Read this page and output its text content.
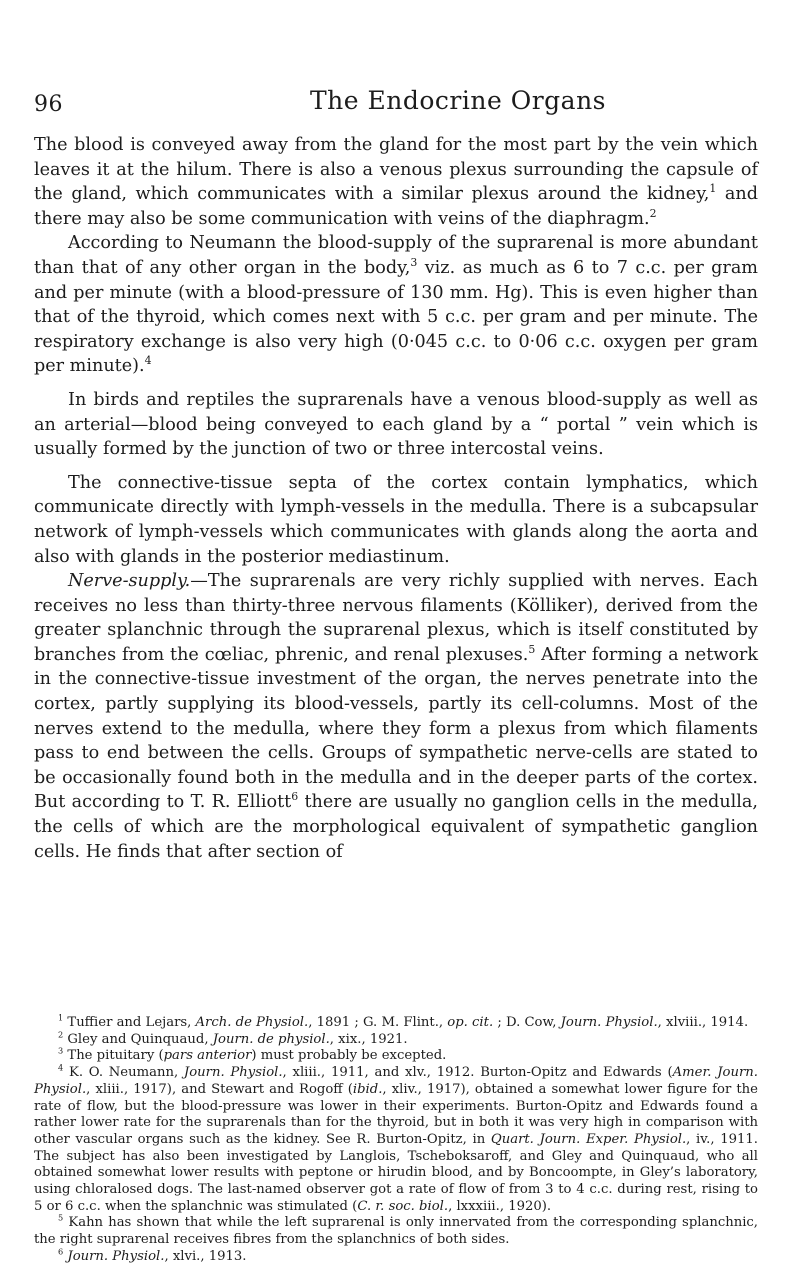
96	The Endocrine Organs

The blood is conveyed away from the gland for the most part by the vein which leaves it at the hilum. There is also a venous plexus surrounding the capsule of the gland, which communicates with a similar plexus around the kidney,$^1$ and there may also be some communication with veins of the diaphragm.$^2$

According to Neumann the blood-supply of the suprarenal is more abundant than that of any other organ in the body,$^3$ viz. as much as 6 to 7 c.c. per gram and per minute (with a blood-pressure of 130 mm. Hg). This is even higher than that of the thyroid, which comes next with 5 c.c. per gram and per minute. The respiratory exchange is also very high (0·045 c.c. to 0·06 c.c. oxygen per gram per minute).$^4$

In birds and reptiles the suprarenals have a venous blood-supply as well as an arterial—blood being conveyed to each gland by a “ portal ” vein which is usually formed by the junction of two or three intercostal veins.

The connective-tissue septa of the cortex contain lymphatics, which communicate directly with lymph-vessels in the medulla. There is a subcapsular network of lymph-vessels which communicates with glands along the aorta and also with glands in the posterior mediastinum.

Nerve-supply.—The suprarenals are very richly supplied with nerves. Each receives no less than thirty-three nervous filaments (Kölliker), derived from the greater splanchnic through the suprarenal plexus, which is itself constituted by branches from the cœliac, phrenic, and renal plexuses.$^5$ After forming a network in the connective-tissue investment of the organ, the nerves penetrate into the cortex, partly supplying its blood-vessels, partly its cell-columns. Most of the nerves extend to the medulla, where they form a plexus from which filaments pass to end between the cells. Groups of sympathetic nerve-cells are stated to be occasionally found both in the medulla and in the deeper parts of the cortex. But according to T. R. Elliott$^6$ there are usually no ganglion cells in the medulla, the cells of which are the morphological equivalent of sympathetic ganglion cells. He finds that after section of

$^1$ Tuffier and Lejars, Arch. de Physiol., 1891 ; G. M. Flint., op. cit. ; D. Cow, Journ. Physiol., xlviii., 1914.

$^2$ Gley and Quinquaud, Journ. de physiol., xix., 1921.

$^3$ The pituitary (pars anterior) must probably be excepted.

$^4$ K. O. Neumann, Journ. Physiol., xliii., 1911, and xlv., 1912. Burton-Opitz and Edwards (Amer. Journ. Physiol., xliii., 1917), and Stewart and Rogoff (ibid., xliv., 1917), obtained a somewhat lower figure for the rate of flow, but the blood-pressure was lower in their experiments. Burton-Opitz and Edwards found a rather lower rate for the suprarenals than for the thyroid, but in both it was very high in comparison with other vascular organs such as the kidney. See R. Burton-Opitz, in Quart. Journ. Exper. Physiol., iv., 1911. The subject has also been investigated by Langlois, Tscheboksaroff, and Gley and Quinquaud, who all obtained somewhat lower results with peptone or hirudin blood, and by Boncoompte, in Gley’s laboratory, using chloralosed dogs. The last-named observer got a rate of flow of from 3 to 4 c.c. during rest, rising to 5 or 6 c.c. when the splanchnic was stimulated (C. r. soc. biol., lxxxiii., 1920).

$^5$ Kahn has shown that while the left suprarenal is only innervated from the corresponding splanchnic, the right suprarenal receives fibres from the splanchnics of both sides.

$^6$ Journ. Physiol., xlvi., 1913.
